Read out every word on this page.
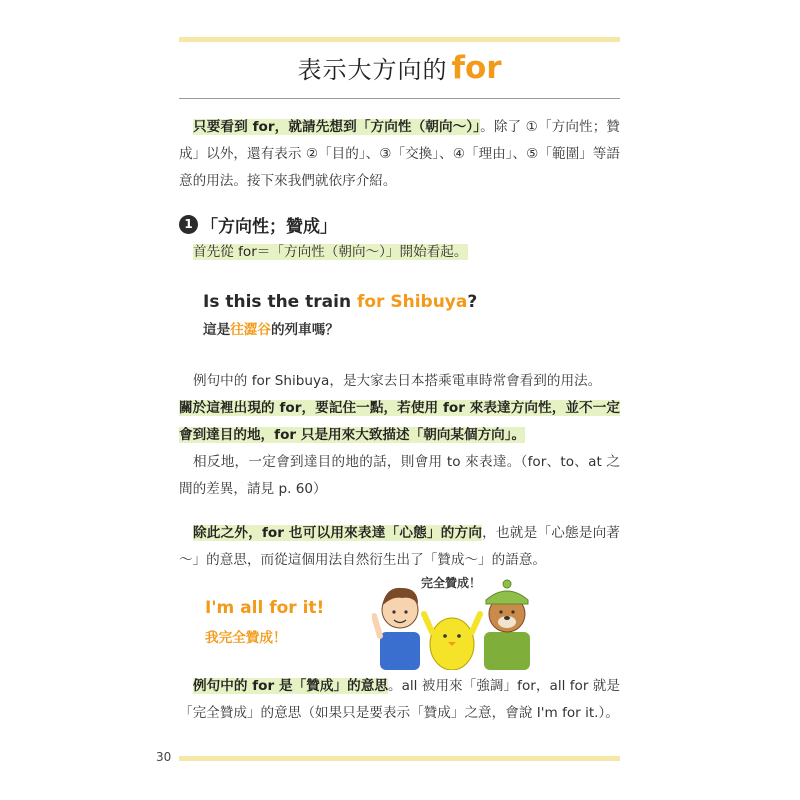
表示大方向的 for
只要看到 for，就請先想到「方向性（朝向～）」。除了 ①「方向性；贊成」以外，還有表示 ②「目的」、③「交換」、④「理由」、⑤「範圍」等語意的用法。接下來我們就依序介紹。
1 「方向性；贊成」
首先從 for＝「方向性（朝向～）」開始看起。
Is this the train for Shibuya?
這是往澀谷的列車嗎？
例句中的 for Shibuya，是大家去日本搭乘電車時常會看到的用法。
關於這裡出現的 for，要記住一點，若使用 for 來表達方向性，並不一定會到達目的地，for 只是用來大致描述「朝向某個方向」。
相反地，一定會到達目的地的話，則會用 to 來表達。（for、to、at 之間的差異，請見 p. 60）
除此之外，for 也可以用來表達「心態」的方向，也就是「心態是向著～」的意思，而從這個用法自然衍生出了「贊成～」的語意。
I'm all for it!
我完全贊成！
完全贊成！
例句中的 for 是「贊成」的意思。all 被用來「強調」for，all for 就是「完全贊成」的意思（如果只是要表示「贊成」之意，會說 I'm for it.）。
30
